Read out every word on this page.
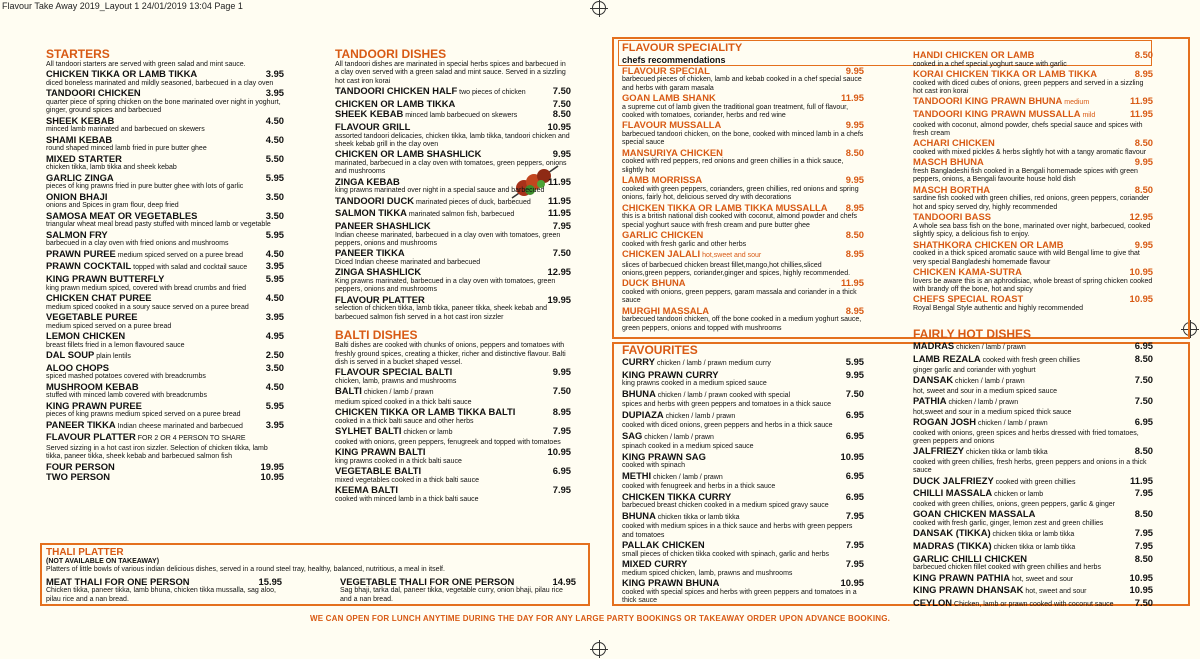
Flavour Take Away 2019_Layout 1 24/01/2019 13:04 Page 1
STARTERS
All tandoori starters are served with green salad and mint sauce.
CHICKEN TIKKA OR LAMB TIKKA	3.95
diced boneless marinated and mildly seasoned, barbecued in a clay oven
TANDOORI CHICKEN	3.95
quarter piece of spring chicken on the bone marinated over night in yoghurt, ginger, ground spices and barbecued
SHEEK KEBAB	4.50
minced lamb marinated and barbecued on skewers
SHAMI KEBAB	4.50
round shaped minced lamb fried in pure butter ghee
MIXED STARTER	5.50
chicken tikka, lamb tikka and sheek kebab
GARLIC ZINGA	5.95
pieces of king prawns fried in pure butter ghee with lots of garlic
ONION BHAJI	3.50
onions and Spices in gram flour, deep fried
SAMOSA MEAT OR VEGETABLES	3.50
triangular wheat meal bread pasty stuffed with minced lamb or vegetable
SALMON FRY	5.95
barbecued in a clay oven with fried onions and mushrooms
PRAWN PUREE medium spiced served on a puree bread	4.50
PRAWN COCKTAIL topped with salad and cocktail sauce	3.95
KING PRAWN BUTTERFLY	5.95
king prawn medium spiced, covered with bread crumbs and fried
CHICKEN CHAT PUREE	4.50
medium spiced cooked in a soury sauce served on a puree bread
VEGETABLE PUREE	3.95
medium spiced served on a puree bread
LEMON CHICKEN	4.95
breast fillets fried in a lemon flavoured sauce
DAL SOUP plain lentils	2.50
ALOO CHOPS	3.50
spiced mashed potatoes covered with breadcrumbs
MUSHROOM KEBAB	4.50
stuffed with minced lamb covered with breadcrumbs
KING PRAWN PUREE	5.95
pieces of king prawns medium spiced served on a puree bread
PANEER TIKKA Indian cheese marinated and barbecued	3.95
FLAVOUR PLATTER FOR 2 OR 4 PERSON TO SHARE
Served sizzing in a hot cast iron sizzler. Selection of chicken tikka, lamb tikka, paneer tikka, sheek kebab and barbecued salmon fish
FOUR PERSON	19.95
TWO PERSON	10.95
TANDOORI DISHES
All tandoori dishes are marinated in special herbs spices and barbecued in a clay oven served with a green salad and mint sauce. Served in a sizzling hot cast iron korai
TANDOORI CHICKEN HALF two pieces of chicken	7.50
CHICKEN OR LAMB TIKKA	7.50
SHEEK KEBAB minced lamb barbecued on skewers	8.50
FLAVOUR GRILL	10.95
assorted tandoori delicacies, chicken tikka, lamb tikka, tandoori chicken and sheek kebab grill in the clay oven
CHICKEN OR LAMB SHASHLICK	9.95
marinated, barbecued in a clay oven with tomatoes, green peppers, onions and mushrooms
ZINGA KEBAB	11.95
king prawns marinated over night in a special sauce and barbecued
TANDOORI DUCK marinated pieces of duck, barbecued	11.95
SALMON TIKKA marinated salmon fish, barbecued	11.95
PANEER SHASHLICK	7.95
Indian cheese marinated, barbecued in a clay oven with tomatoes, green peppers, onions and mushrooms
PANEER TIKKA	7.50
Diced Indian cheese marinated and barbecued
ZINGA SHASHLICK	12.95
King prawns marinated, barbecued in a clay oven with tomatoes, green peppers, onions and mushrooms
FLAVOUR PLATTER	19.95
selection of chicken tikka, lamb tikka, paneer tikka, sheek kebab and barbecued salmon fish served in a hot cast iron sizzler
BALTI DISHES
Balti dishes are cooked with chunks of onions, peppers and tomatoes with freshly ground spices, creating a thicker, richer and distinctive flavour. Balti dish is served in a bucket shaped vessel.
FLAVOUR SPECIAL BALTI	9.95
chicken, lamb, prawns and mushrooms
BALTI chicken / lamb / prawn	7.50
medium spiced cooked in a thick balti sauce
CHICKEN TIKKA OR LAMB TIKKA BALTI	8.95
cooked in a thick balti sauce and other herbs
SYLHET BALTI chicken or lamb	7.95
cooked with onions, green peppers, fenugreek and topped with tomatoes
KING PRAWN BALTI	10.95
king prawns cooked in a thick balti sauce
VEGETABLE BALTI	6.95
mixed vegetables cooked in a thick balti sauce
KEEMA BALTI	7.95
cooked with minced lamb in a thick balti sauce
FLAVOUR SPECIALITY
chefs recommendations
FLAVOUR SPECIAL	9.95
barbecued pieces of chicken, lamb and kebab cooked in a chef special sauce and herbs with garam masala
GOAN LAMB SHANK	11.95
a supreme cut of lamb given the traditional goan treatment, full of flavour, cooked with tomatoes, coriander, herbs and red wine
FLAVOUR MUSSALLA	9.95
barbecued tandoori chicken, on the bone, cooked with minced lamb in a chefs special sauce
MANSURIYA CHICKEN	8.50
cooked with red peppers, red onions and green chillies in a thick sauce, slightly hot
LAMB MORRISSA	9.95
cooked with green peppers, corianders, green chillies, red onions and spring onions, fairly hot, delicious served dry with decorations
CHICKEN TIKKA OR LAMB TIKKA MUSSALLA	8.95
this is a british national dish cooked with coconut, almond powder and chefs special yoghurt sauce with fresh cream and pure butter ghee
GARLIC CHICKEN	8.50
cooked with fresh garlic and other herbs
CHICKEN JALALI hot,sweet and sour	8.95
slices of barbecued chicken breast fillet,mango,hot chillies,sliced onions,green peppers, coriander,ginger and spices, highly recommended.
DUCK BHUNA	11.95
cooked with onions, green peppers, garam massala and coriander in a thick sauce
MURGHI MASSALA	8.95
barbecued tandoori chicken, off the bone cooked in a medium yoghurt sauce, green peppers, onions and topped with mushrooms
FAVOURITES
CURRY chicken / lamb / prawn medium curry	5.95
KING PRAWN CURRY	9.95
king prawns cooked in a medium spiced sauce
BHUNA chicken / lamb / prawn cooked with special	7.50
spices and herbs with green peppers and tomatoes in a thick sauce
DUPIAZA chicken / lamb / prawn	6.95
cooked with diced onions, green peppers and herbs in a thick sauce
SAG chicken / lamb / prawn	6.95
spinach cooked in a medium spiced sauce
KING PRAWN SAG	10.95
cooked with spinach
METHI chicken / lamb / prawn	6.95
cooked with fenugreek and herbs in a thick sauce
CHICKEN TIKKA CURRY	6.95
barbecued breast chicken cooked in a medium spiced gravy sauce
BHUNA chicken tikka or lamb tikka	7.95
cooked with medium spices in a thick sauce and herbs with green peppers and tomatoes
PALLAK CHICKEN	7.95
small pieces of chicken tikka cooked with spinach, garlic and herbs
MIXED CURRY	7.95
medium spiced chicken, lamb, prawns and mushrooms
KING PRAWN BHUNA	10.95
cooked with special spices and herbs with green peppers and tomatoes in a thick sauce
HANDI CHICKEN OR LAMB	8.50
cooked in a chef special yoghurt sauce with garlic
KORAI CHICKEN TIKKA OR LAMB TIKKA	8.95
cooked with diced cubes of onions, green peppers and served in a sizzling hot cast iron korai
TANDOORI KING PRAWN BHUNA medium	11.95
TANDOORI KING PRAWN MUSSALLA mild	11.95
cooked with coconut, almond powder, chefs special sauce and spices with fresh cream
ACHARI CHICKEN	8.50
cooked with mixed pickles & herbs slightly hot with a tangy aromatic flavour
MASCH BHUNA	9.95
fresh Bangladeshi fish cooked in a Bengali homemade spices with green peppers, onions, a Bengali favourite house hold dish
MASCH BORTHA	8.50
sardine fish cooked with green chillies, red onions, green peppers, coriander hot and spicy served dry, highly recommended
TANDOORI BASS	12.95
A whole sea bass fish on the bone, marinated over night, barbecued, cooked slightly spicy, a delicious fish to enjoy.
SHATHKORA CHICKEN OR LAMB	9.95
cooked in a thick spiced aromatic sauce with wild Bengal lime to give that very special Bangladeshi homemade flavour
CHICKEN KAMA-SUTRA	10.95
lovers be aware this is an aphrodisiac, whole breast of spring chicken cooked with brandy off the bone, hot and spicy
CHEFS SPECIAL ROAST	10.95
Royal Bengal Style authentic and highly recommended
FAIRLY HOT DISHES
MADRAS chicken / lamb / prawn	6.95
LAMB REZALA cooked with fresh green chillies	8.50
ginger garlic and coriander with yoghurt
DANSAK chicken / lamb / prawn	7.50
hot, sweet and sour in a medium spiced sauce
PATHIA chicken / lamb / prawn	7.50
hot,sweet and sour in a medium spiced thick sauce
ROGAN JOSH chicken / lamb / prawn	6.95
cooked with onions, green spices and herbs dressed with fried tomatoes, green peppers and onions
JALFRIEZY chicken tikka or lamb tikka	8.50
cooked with green chillies, fresh herbs, green peppers and onions in a thick sauce
DUCK JALFRIEZY cooked with green chillies	11.95
CHILLI MASSALA chicken or lamb	7.95
cooked with green chillies, onions, green peppers, garlic & ginger
GOAN CHICKEN MASSALA	8.50
cooked with fresh garlic, ginger, lemon zest and green chillies
DANSAK (TIKKA) chicken tikka or lamb tikka	7.95
MADRAS (TIKKA) chicken tikka or lamb tikka	7.95
GARLIC CHILLI CHICKEN	8.50
barbecued chicken fillet cooked with green chillies and herbs
KING PRAWN PATHIA hot, sweet and sour	10.95
KING PRAWN DHANSAK hot, sweet and sour	10.95
CEYLON Chicken, lamb or prawn cooked with coconut sauce	7.50
THALI PLATTER
(NOT AVAILABLE ON TAKEAWAY)
Platters of little bowls of various indian delicious dishes, served in a round steel tray, healthy, balanced, nutritious, a meal in itself.
MEAT THALI FOR ONE PERSON	15.95
Chicken tikka, paneer tikka, lamb bhuna, chicken tikka mussalla, sag aloo, pilau rice and a nan bread.
VEGETABLE THALI FOR ONE PERSON	14.95
Sag bhaji, tarka dal, paneer tikka, vegetable curry, onion bhaji, pilau rice and a nan bread.
WE CAN OPEN FOR LUNCH ANYTIME DURING THE DAY FOR ANY LARGE PARTY BOOKINGS OR TAKEAWAY ORDER UPON ADVANCE BOOKING.
